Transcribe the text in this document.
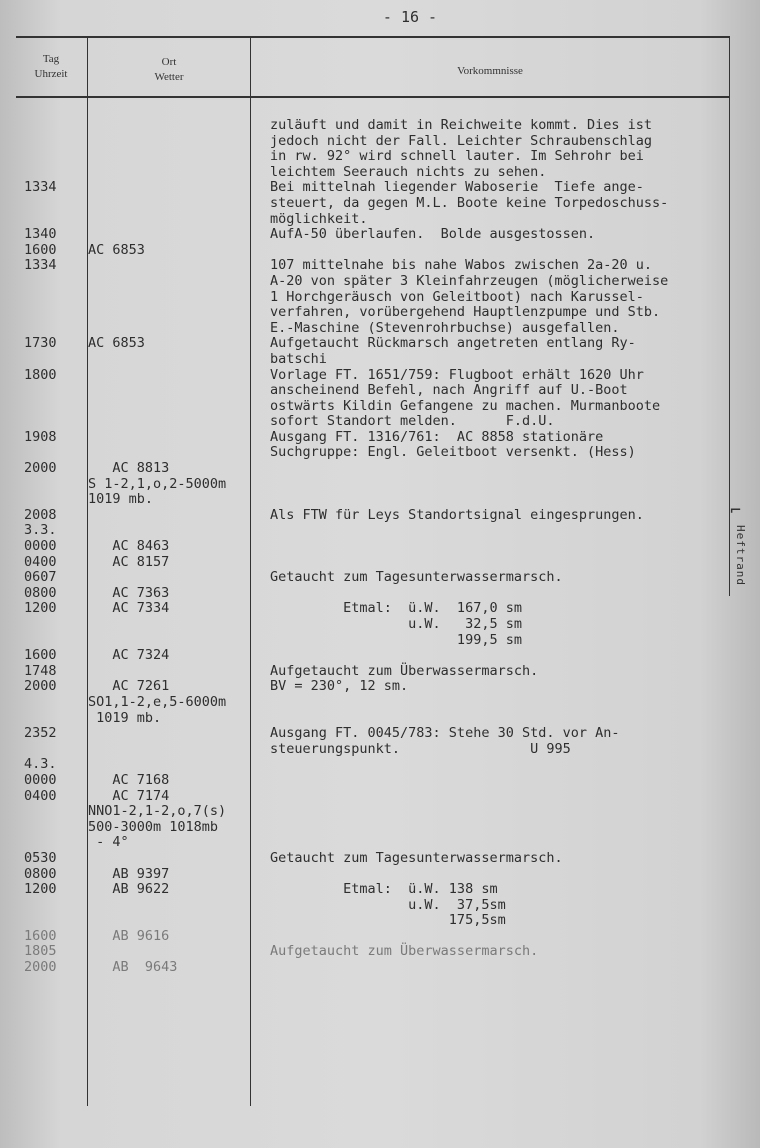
- 16 -
Tag
Uhrzeit
Ort
Wetter	Vorkommnisse
1334
1340
1600
1334
1730
1800
1908
2000
2008
3.3.
0000
0400
0607
0800
1200
1600
1748
2000
2352
4.3.
0000
0400
0530
0800
1200
1600
1805
2000
AC 6853
AC 6853
AC 8813
S 1-2,1,o,2-5000m
1019 mb.
AC 8463
AC 8157
AC 7363
AC 7334
AC 7324
AC 7261
SO1,1-2,e,5-6000m
1019 mb.
AC 7168
AC 7174
NNO1-2,1-2,o,7(s)
500-3000m 1018mb
- 4°
AB 9397
AB 9622
AB 9616
AB  9643
zuläuft und damit in Reichweite kommt. Dies ist
jedoch nicht der Fall. Leichter Schraubenschlag
in rw. 92° wird schnell lauter. Im Sehrohr bei
leichtem Seerauch nichts zu sehen.
Bei mittelnah liegender Waboserie  Tiefe ange-
steuert, da gegen M.L. Boote keine Torpedoschuss-
möglichkeit.
AufA-50 überlaufen.  Bolde ausgestossen.
107 mittelnahe bis nahe Wabos zwischen 2a-20 u.
A-20 von später 3 Kleinfahrzeugen (möglicherweise
1 Horchgeräusch von Geleitboot) nach Karussel-
verfahren, vorübergehend Hauptlenzpumpe und Stb.
E.-Maschine (Stevenrohrbuchse) ausgefallen.
Aufgetaucht Rückmarsch angetreten entlang Ry-
batschi
Vorlage FT. 1651/759: Flugboot erhält 1620 Uhr
anscheinend Befehl, nach Angriff auf U.-Boot
ostwärts Kildin Gefangene zu machen. Murmanboote
sofort Standort melden.      F.d.U.
Ausgang FT. 1316/761:  AC 8858 stationäre
Suchgruppe: Engl. Geleitboot versenkt. (Hess)
Als FTW für Leys Standortsignal eingesprungen.
Getaucht zum Tagesunterwassermarsch.
Etmal:  ü.W.  167,0 sm
u.W.   32,5 sm
199,5 sm
Aufgetaucht zum Überwassermarsch.
BV = 230°, 12 sm.
Ausgang FT. 0045/783: Stehe 30 Std. vor An-
steuerungspunkt.                U 995
Getaucht zum Tagesunterwassermarsch.
Etmal:  ü.W. 138 sm
u.W.  37,5sm
175,5sm
Aufgetaucht zum Überwassermarsch.
Heftrand
⌐
